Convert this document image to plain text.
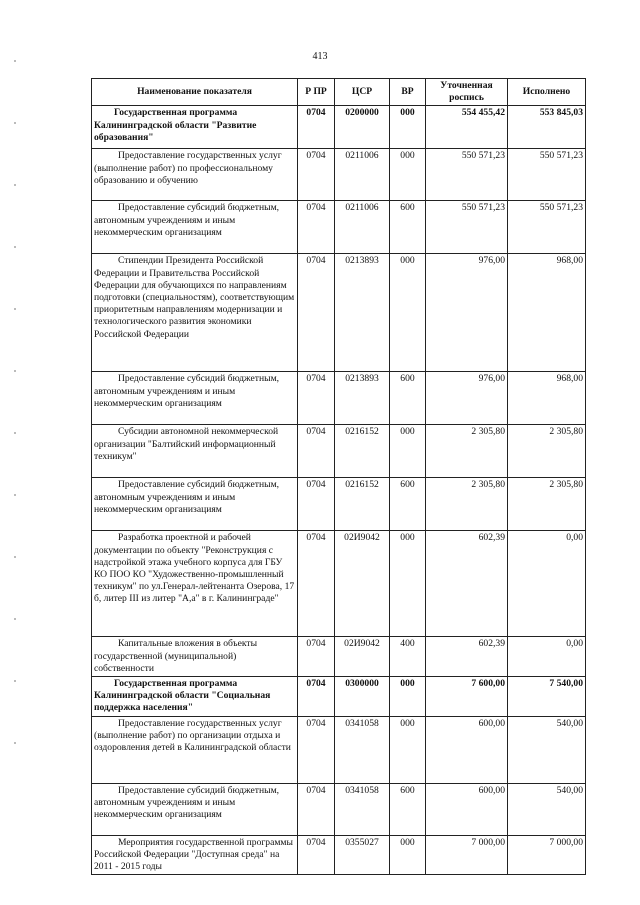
413
Наименование показателя	Р ПР	ЦСР	ВР	Уточненная роспись	Исполнено
Государственная программа Калининградской области "Развитие образования"	0704	0200000	000	554 455,42	553 845,03
Предоставление государственных услуг (выполнение работ) по профессиональному образованию и обучению	0704	0211006	000	550 571,23	550 571,23
Предоставление субсидий бюджетным, автономным учреждениям и иным некоммерческим организациям	0704	0211006	600	550 571,23	550 571,23
Стипендии Президента Российской Федерации и Правительства Российской Федерации для обучающихся по направлениям подготовки (специальностям), соответствующим приоритетным направлениям модернизации и технологического развития экономики Российской Федерации	0704	0213893	000	976,00	968,00
Предоставление субсидий бюджетным, автономным учреждениям и иным некоммерческим организациям	0704	0213893	600	976,00	968,00
Субсидии автономной некоммерческой организации "Балтийский информационный техникум"	0704	0216152	000	2 305,80	2 305,80
Предоставление субсидий бюджетным, автономным учреждениям и иным некоммерческим организациям	0704	0216152	600	2 305,80	2 305,80
Разработка проектной и рабочей документации по объекту "Реконструкция с надстройкой этажа учебного корпуса для ГБУ КО ПОО КО "Художественно-промышленный техникум" по ул.Генерал-лейтенанта Озерова, 17 б, литер III из литер "А,а" в г. Калининграде"	0704	02И9042	000	602,39	0,00
Капитальные вложения в объекты государственной (муниципальной) собственности	0704	02И9042	400	602,39	0,00
Государственная программа Калининградской области "Социальная поддержка населения"	0704	0300000	000	7 600,00	7 540,00
Предоставление государственных услуг (выполнение работ) по организации отдыха и оздоровления детей в Калининградской области	0704	0341058	000	600,00	540,00
Предоставление субсидий бюджетным, автономным учреждениям и иным некоммерческим организациям	0704	0341058	600	600,00	540,00
Мероприятия государственной программы Российской Федерации "Доступная среда" на 2011 - 2015 годы	0704	0355027	000	7 000,00	7 000,00
